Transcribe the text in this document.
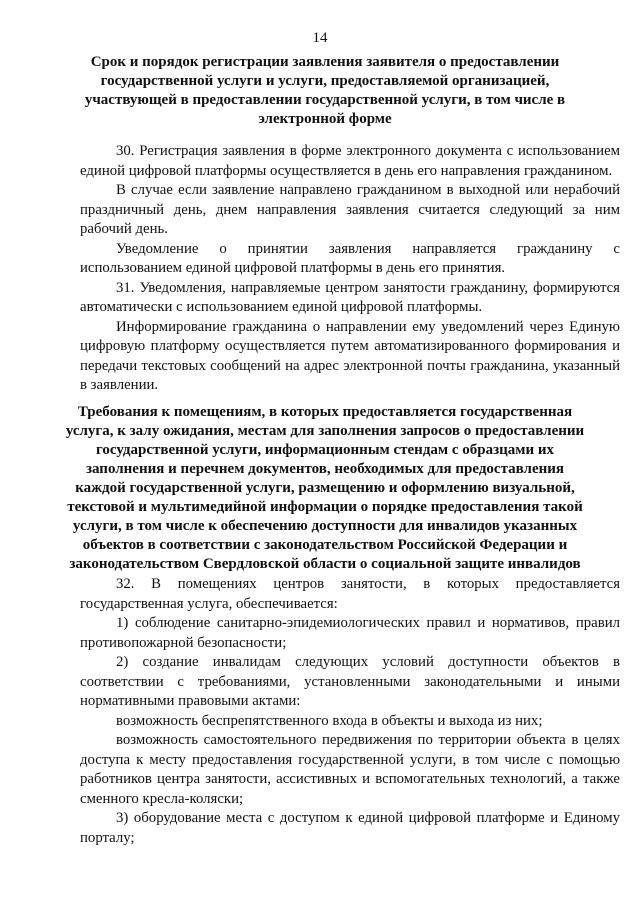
14
Срок и порядок регистрации заявления заявителя о предоставлении государственной услуги и услуги, предоставляемой организацией, участвующей в предоставлении государственной услуги, в том числе в электронной форме

30. Регистрация заявления в форме электронного документа с использованием единой цифровой платформы осуществляется в день его направления гражданином.

В случае если заявление направлено гражданином в выходной или нерабочий праздничный день, днем направления заявления считается следующий за ним рабочий день.

Уведомление о принятии заявления направляется гражданину с использованием единой цифровой платформы в день его принятия.

31. Уведомления, направляемые центром занятости гражданину, формируются автоматически с использованием единой цифровой платформы.

Информирование гражданина о направлении ему уведомлений через Единую цифровую платформу осуществляется путем автоматизированного формирования и передачи текстовых сообщений на адрес электронной почты гражданина, указанный в заявлении.

Требования к помещениям, в которых предоставляется государственная услуга, к залу ожидания, местам для заполнения запросов о предоставлении государственной услуги, информационным стендам с образцами их заполнения и перечнем документов, необходимых для предоставления каждой государственной услуги, размещению и оформлению визуальной, текстовой и мультимедийной информации о порядке предоставления такой услуги, в том числе к обеспечению доступности для инвалидов указанных объектов в соответствии с законодательством Российской Федерации и законодательством Свердловской области о социальной защите инвалидов

32. В помещениях центров занятости, в которых предоставляется государственная услуга, обеспечивается:

1) соблюдение санитарно-эпидемиологических правил и нормативов, правил противопожарной безопасности;

2) создание инвалидам следующих условий доступности объектов в соответствии с требованиями, установленными законодательными и иными нормативными правовыми актами:

возможность беспрепятственного входа в объекты и выхода из них;

возможность самостоятельного передвижения по территории объекта в целях доступа к месту предоставления государственной услуги, в том числе с помощью работников центра занятости, ассистивных и вспомогательных технологий, а также сменного кресла-коляски;

3) оборудование места с доступом к единой цифровой платформе и Единому порталу;
